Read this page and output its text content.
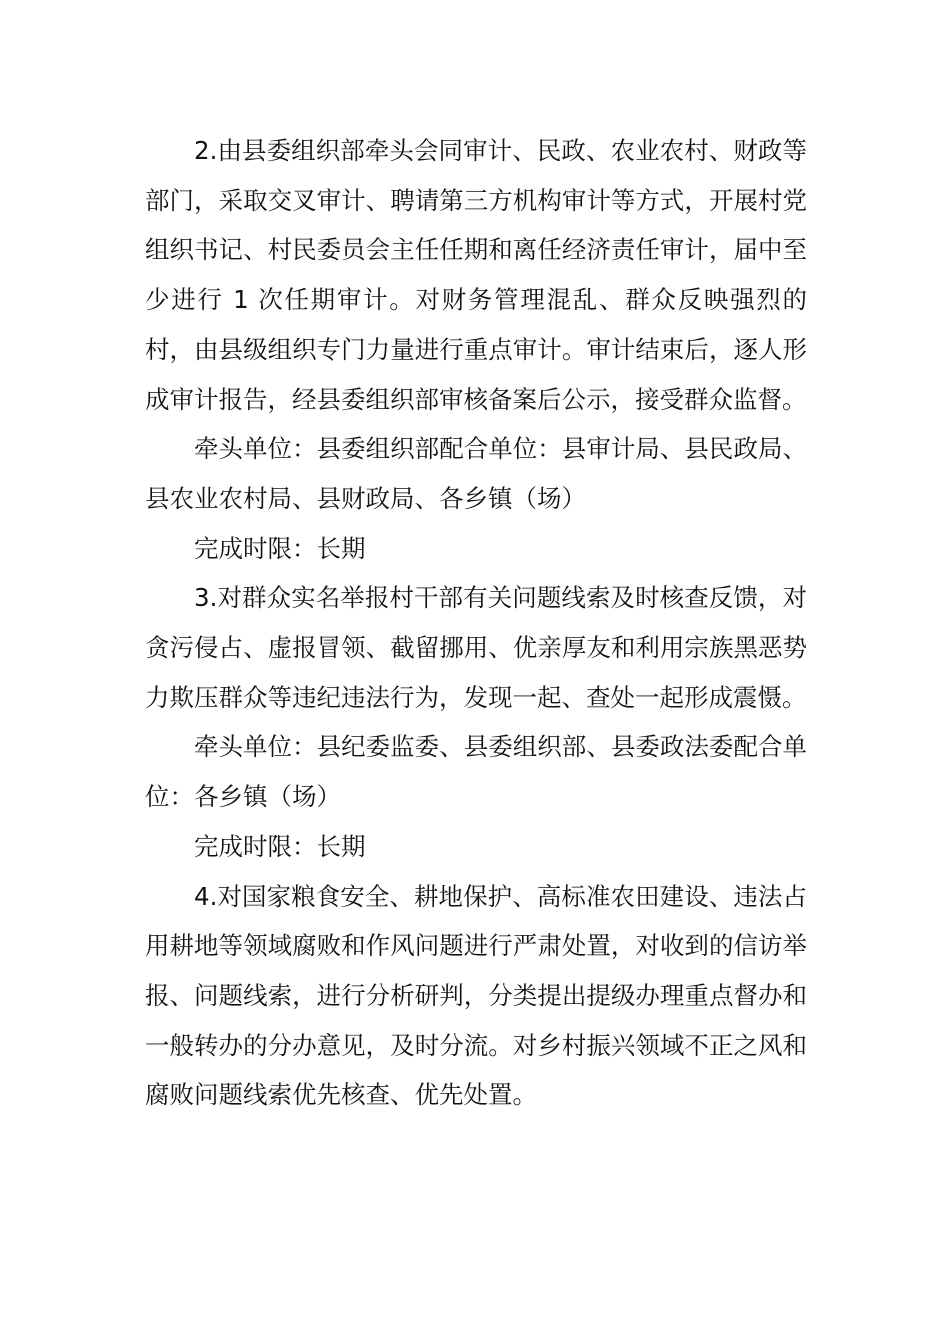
2.由县委组织部牵头会同审计、民政、农业农村、财政等部门，采取交叉审计、聘请第三方机构审计等方式，开展村党组织书记、村民委员会主任任期和离任经济责任审计，届中至少进行 1 次任期审计。对财务管理混乱、群众反映强烈的村，由县级组织专门力量进行重点审计。审计结束后，逐人形成审计报告，经县委组织部审核备案后公示，接受群众监督。

牵头单位：县委组织部配合单位：县审计局、县民政局、县农业农村局、县财政局、各乡镇（场）

完成时限：长期

3.对群众实名举报村干部有关问题线索及时核查反馈，对贪污侵占、虚报冒领、截留挪用、优亲厚友和利用宗族黑恶势力欺压群众等违纪违法行为，发现一起、查处一起形成震慑。

牵头单位：县纪委监委、县委组织部、县委政法委配合单位：各乡镇（场）

完成时限：长期

4.对国家粮食安全、耕地保护、高标准农田建设、违法占用耕地等领域腐败和作风问题进行严肃处置，对收到的信访举报、问题线索，进行分析研判，分类提出提级办理重点督办和一般转办的分办意见，及时分流。对乡村振兴领域不正之风和腐败问题线索优先核查、优先处置。
